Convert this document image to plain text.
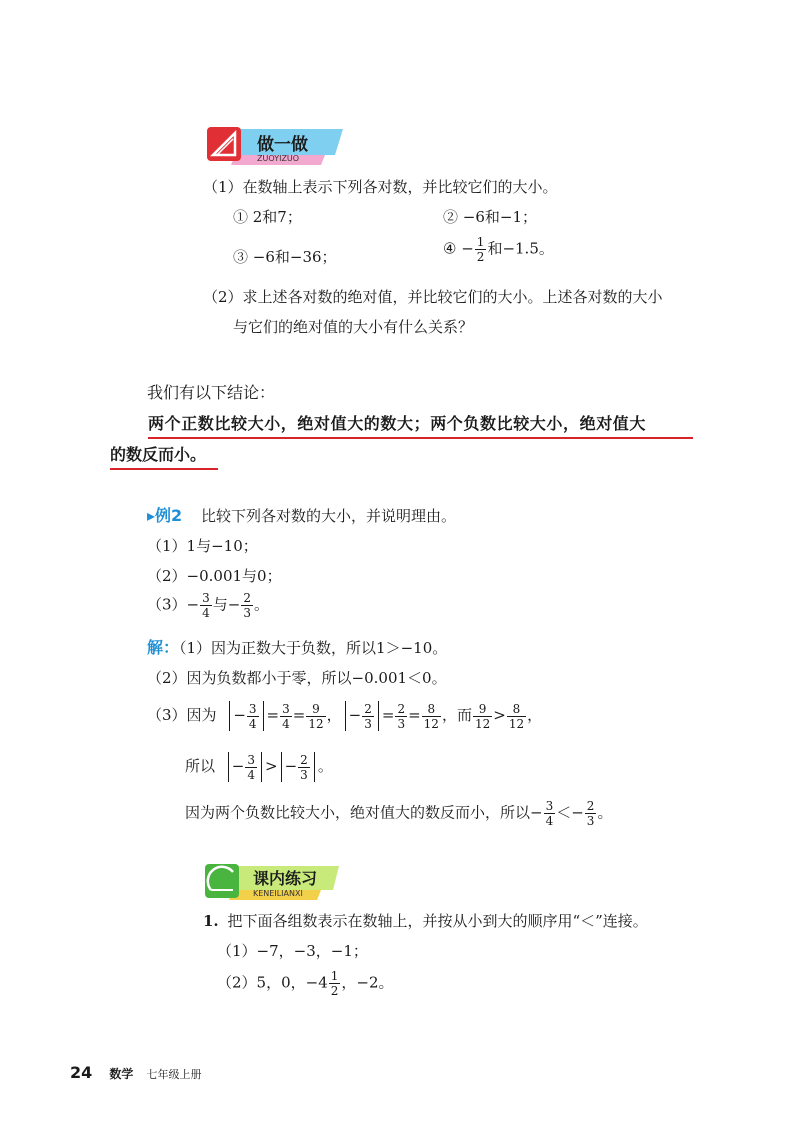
做一做
ZUOYIZUO
（1）在数轴上表示下列各对数，并比较它们的大小。
① 2和7；	② −6和−1；
③ −6和−36；	④ − $\frac{1}{2}$ 和−1.5。
（2）求上述各对数的绝对值，并比较它们的大小。上述各对数的大小
与它们的绝对值的大小有什么关系？
我们有以下结论：
两个正数比较大小，绝对值大的数大；两个负数比较大小，绝对值大
的数反而小。
▸例2 比较下列各对数的大小，并说明理由。
（1）1与−10；
（2）−0.001与0；
$(3)- \frac{3}{4}$ 与− $\frac{2}{3}$ 。
解：（1）因为正数大于负数，所以1＞−10。
（2）因为负数都小于零，所以−0.001＜0。
（3）因为 − $\frac{3}{4} = \frac{3}{4} = \frac{9}{12}$ ， − $\frac{2}{3} = \frac{2}{3} = \frac{8}{12}$ ，而 $\frac{9}{12} > \frac{8}{12}$ ，
所以 − $\frac{3}{4}$ > − $\frac{2}{3}$ 。
因为两个负数比较大小，绝对值大的数反而小，所以− $\frac{3}{4} <- \frac{2}{3}$ 。
课内练习
KENEILIANXI
1. 把下面各组数表示在数轴上，并按从小到大的顺序用“＜”连接。
（1）−7，−3，−1；
（2）5，0，$-4 \frac{1}{2}$ ，−2。
24 数学 七年级上册
